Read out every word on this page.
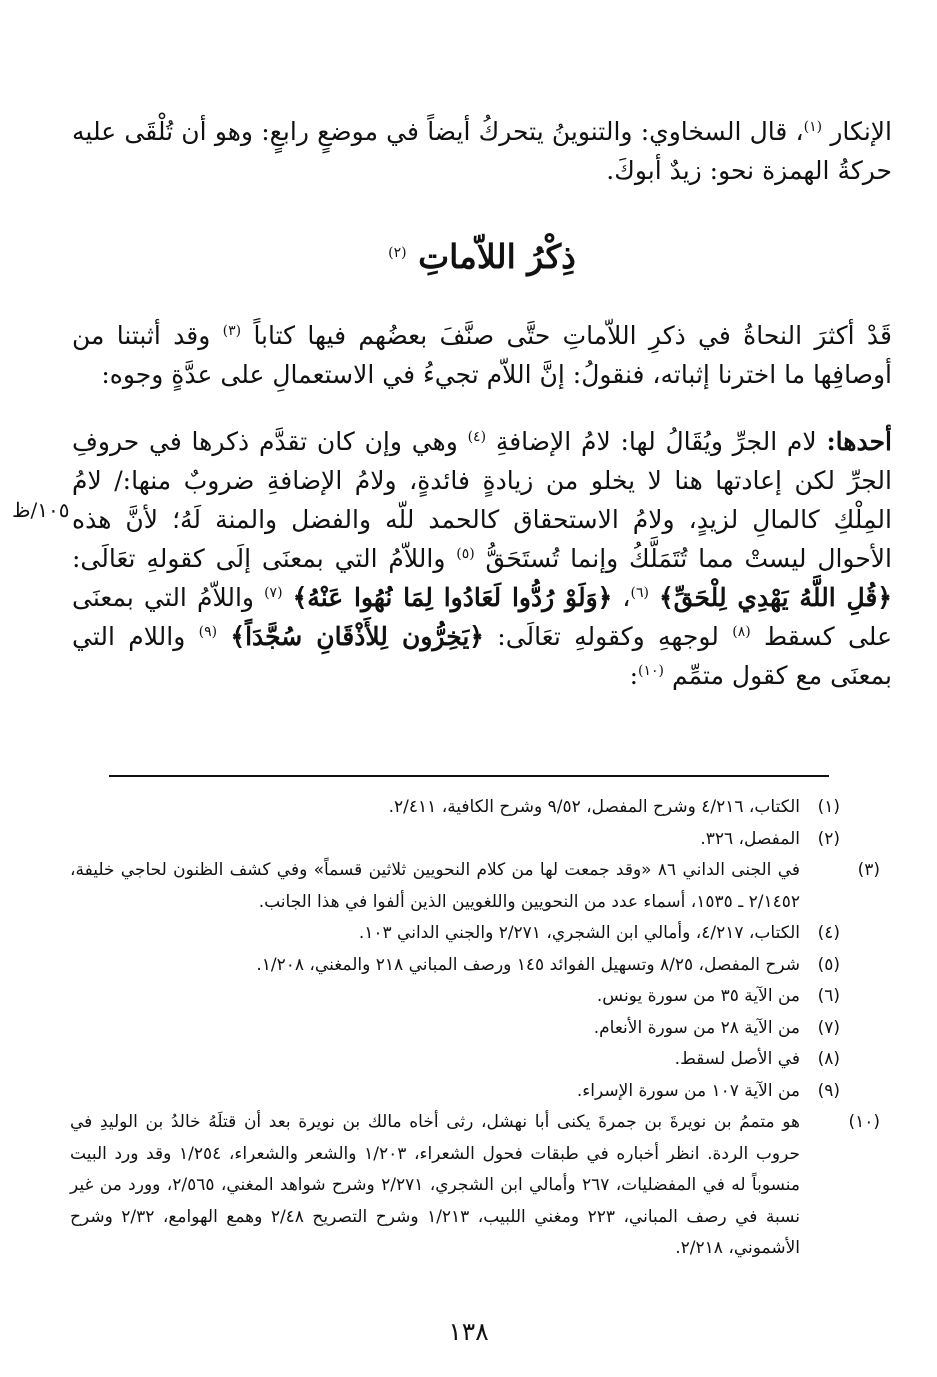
الإنكار $^{(١)}$، قال السخاوي: والتنوينُ يتحركُ أيضاً في موضعٍ رابعٍ: وهو أن تُلْقَى عليه حركةُ الهمزة نحو: زيدٌ أبوكَ.

ذِكْرُ اللاّماتِ $^{(٢)}$

قَدْ أكثرَ النحاةُ في ذكرِ اللاّماتِ حتَّى صنَّفَ بعضُهم فيها كتاباً $^{(٣)}$ وقد أثبتنا من أوصافِها ما اخترنا إثباته، فنقولُ: إنَّ اللاّم تجيءُ في الاستعمالِ على عدَّةٍ وجوه:

أحدها: لام الجرِّ ويُقَالُ لها: لامُ الإضافةِ $^{(٤)}$ وهي وإن كان تقدَّم ذكرها في حروفِ الجرِّ لكن إعادتها هنا لا يخلو من زيادةٍ فائدةٍ، ولامُ الإضافةِ ضروبٌ منها:/ لامُ المِلْكِ كالمالِ لزيدٍ، ولامُ الاستحقاق كالحمد للّه والفضل والمنة لَهُ؛ لأنَّ هذه الأحوال ليستْ مما تُتَمَلَّكُ وإنما تُستَحَقُّ $^{(٥)}$ واللاّمُ التي بمعنَى إلَى كقولهِ تعَالَى: ﴿قُلِ اللَّهُ يَهْدِي لِلْحَقِّ﴾ $^{(٦)}$، ﴿وَلَوْ رُدُّوا لَعَادُوا لِمَا نُهُوا عَنْهُ﴾ $^{(٧)}$ واللاّمُ التي بمعنَى على كسقط $^{(٨)}$ لوجههِ وكقولهِ تعَالَى: ﴿يَخِرُّون لِلأَذْقَانِ سُجَّدَاً﴾ $^{(٩)}$ واللام التي بمعنَى مع كقول متمِّم $^{(١٠)}$:

١٠٥/ظ
(١)الكتاب، ٤/٢١٦ وشرح المفصل، ٩/٥٢ وشرح الكافية، ٢/٤١١.
(٢)المفصل، ٣٢٦.
(٣)في الجنى الداني ٨٦ «وقد جمعت لها من كلام النحويين ثلاثين قسماً» وفي كشف الظنون لحاجي خليفة، ٢/١٤٥٢ ـ ١٥٣٥، أسماء عدد من النحويين واللغويين الذين ألفوا في هذا الجانب.
(٤)الكتاب، ٤/٢١٧، وأمالي ابن الشجري، ٢/٢٧١ والجني الداني ١٠٣.
(٥)شرح المفصل، ٨/٢٥ وتسهيل الفوائد ١٤٥ ورصف المباني ٢١٨ والمغني، ١/٢٠٨.
(٦)من الآية ٣٥ من سورة يونس.
(٧)من الآية ٢٨ من سورة الأنعام.
(٨)في الأصل لسقط.
(٩)من الآية ١٠٧ من سورة الإسراء.
(١٠)هو متممُ بن نويرةَ بن جمرةَ يكنى أبا نهشل، رثى أخاه مالك بن نويرة بعد أن قتلَهُ خالدُ بن الوليدِ في حروب الردة. انظر أخباره في طبقات فحول الشعراء، ١/٢٠٣ والشعر والشعراء، ١/٢٥٤ وقد ورد البيت منسوباً له في المفضليات، ٢٦٧ وأمالي ابن الشجري، ٢/٢٧١ وشرح شواهد المغني، ٢/٥٦٥، وورد من غير نسبة في رصف المباني، ٢٢٣ ومغني اللبيب، ١/٢١٣ وشرح التصريح ٢/٤٨ وهمع الهوامع، ٢/٣٢ وشرح الأشموني، ٢/٢١٨.
١٣٨
